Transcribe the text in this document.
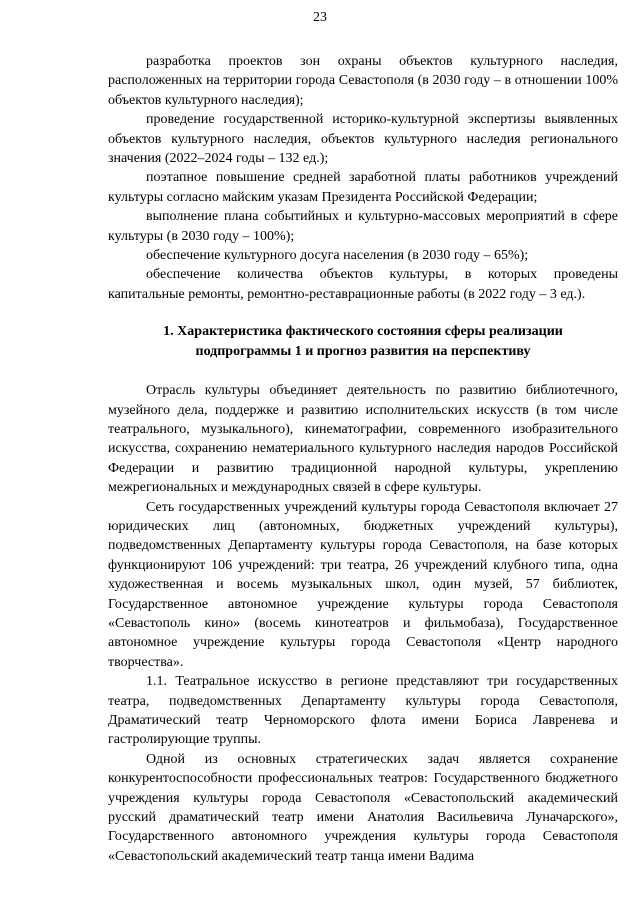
23

разработка проектов зон охраны объектов культурного наследия, расположенных на территории города Севастополя (в 2030 году – в отношении 100% объектов культурного наследия);

проведение государственной историко-культурной экспертизы выявленных объектов культурного наследия, объектов культурного наследия регионального значения (2022–2024 годы – 132 ед.);

поэтапное повышение средней заработной платы работников учреждений культуры согласно майским указам Президента Российской Федерации;

выполнение плана событийных и культурно-массовых мероприятий в сфере культуры (в 2030 году – 100%);

обеспечение культурного досуга населения (в 2030 году – 65%);

обеспечение количества объектов культуры, в которых проведены капитальные ремонты, ремонтно-реставрационные работы (в 2022 году – 3 ед.).

1. Характеристика фактического состояния сферы реализации подпрограммы 1 и прогноз развития на перспективу

Отрасль культуры объединяет деятельность по развитию библиотечного, музейного дела, поддержке и развитию исполнительских искусств (в том числе театрального, музыкального), кинематографии, современного изобразительного искусства, сохранению нематериального культурного наследия народов Российской Федерации и развитию традиционной народной культуры, укреплению межрегиональных и международных связей в сфере культуры.

Сеть государственных учреждений культуры города Севастополя включает 27 юридических лиц (автономных, бюджетных учреждений культуры), подведомственных Департаменту культуры города Севастополя, на базе которых функционируют 106 учреждений: три театра, 26 учреждений клубного типа, одна художественная и восемь музыкальных школ, один музей, 57 библиотек, Государственное автономное учреждение культуры города Севастополя «Севастополь кино» (восемь кинотеатров и фильмобаза), Государственное автономное учреждение культуры города Севастополя «Центр народного творчества».

1.1. Театральное искусство в регионе представляют три государственных театра, подведомственных Департаменту культуры города Севастополя, Драматический театр Черноморского флота имени Бориса Лавренева и гастролирующие труппы.

Одной из основных стратегических задач является сохранение конкурентоспособности профессиональных театров: Государственного бюджетного учреждения культуры города Севастополя «Севастопольский академический русский драматический театр имени Анатолия Васильевича Луначарского», Государственного автономного учреждения культуры города Севастополя «Севастопольский академический театр танца имени Вадима
